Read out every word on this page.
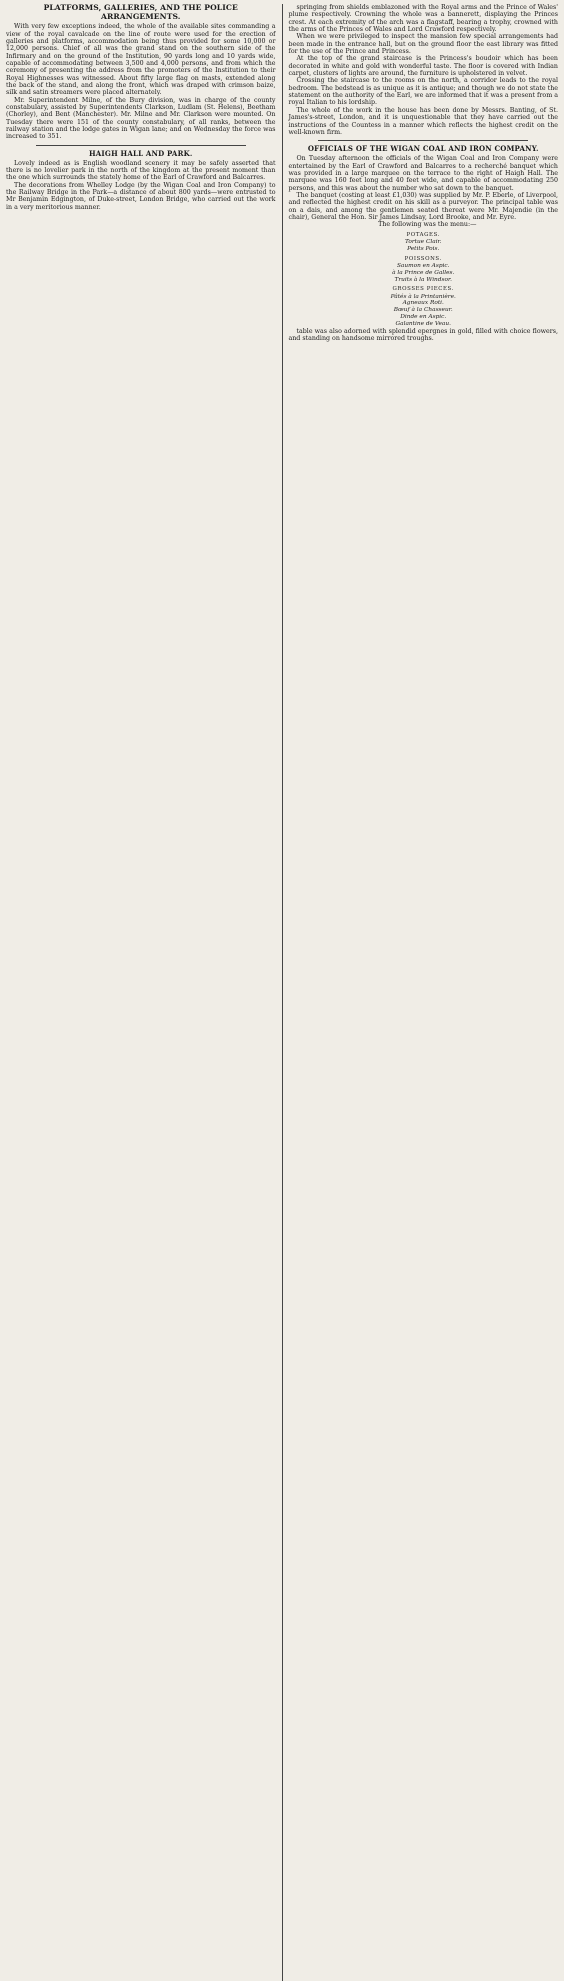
PLATFORMS, GALLERIES, AND THE POLICE ARRANGEMENTS.

With very few exceptions indeed, the whole of the available sites commanding a view of the royal cavalcade on the line of route were used for the erection of galleries and platforms, accommodation being thus provided for some 10,000 or 12,000 persons. Chief of all was the grand stand on the southern side of the Infirmary and on the ground of the Institution, 90 yards long and 10 yards wide, capable of accommodating between 3,500 and 4,000 persons, and from which the ceremony of presenting the address from the promoters of the Institution to their Royal Highnesses was witnessed. About fifty large flag on masts, extended along the back of the stand, and along the front, which was draped with crimson baize, silk and satin streamers were placed alternately.

Mr. Superintendent Milne, of the Bury division, was in charge of the county constabulary, assisted by Superintendents Clarkson, Ludlam (St. Helens), Beetham (Chorley), and Bent (Manchester). Mr. Milne and Mr. Clarkson were mounted. On Tuesday there were 151 of the county constabulary, of all ranks, between the railway station and the lodge gates in Wigan lane; and on Wednesday the force was increased to 351.

HAIGH HALL AND PARK.

Lovely indeed as is English woodland scenery it may be safely asserted that there is no lovelier park in the north of the kingdom at the present moment than the one which surrounds the stately home of the Earl of Crawford and Balcarres.

The decorations from Whelley Lodge (by the Wigan Coal and Iron Company) to the Railway Bridge in the Park—a distance of about 800 yards—were entrusted to Mr Benjamin Edgington, of Duke-street, London Bridge, who carried out the work in a very meritorious manner.

springing from shields emblazoned with the Royal arms and the Prince of Wales' plume respectively. Crowning the whole was a bannerett, displaying the Princes crest. At each extremity of the arch was a flagstaff, bearing a trophy, crowned with the arms of the Princes of Wales and Lord Crawford respectively.

When we were privileged to inspect the mansion few special arrangements had been made in the entrance hall, but on the ground floor the east library was fitted for the use of the Prince and Princess.

At the top of the grand staircase is the Princess's boudoir which has been decorated in white and gold with wonderful taste. The floor is covered with Indian carpet, clusters of lights are around, the furniture is upholstered in velvet.

Crossing the staircase to the rooms on the north, a corridor leads to the royal bedroom. The bedstead is as unique as it is antique; and though we do not state the statement on the authority of the Earl, we are informed that it was a present from a royal Italian to his lordship.

The whole of the work in the house has been done by Messrs. Banting, of St. James's-street, London, and it is unquestionable that they have carried out the instructions of the Countess in a manner which reflects the highest credit on the well-known firm.

OFFICIALS OF THE WIGAN COAL AND IRON COMPANY.

On Tuesday afternoon the officials of the Wigan Coal and Iron Company were entertained by the Earl of Crawford and Balcarres to a recherché banquet which was provided in a large marquee on the terrace to the right of Haigh Hall. The marquee was 160 feet long and 40 feet wide, and capable of accommodating 250 persons, and this was about the number who sat down to the banquet.

The banquet (costing at least £1,030) was supplied by Mr. P. Eberle, of Liverpool, and reflected the highest credit on his skill as a purveyor. The principal table was on a dais, and among the gentlemen seated thereat were Mr. Majendie (in the chair), General the Hon. Sir James Lindsay, Lord Brooke, and Mr. Eyre.

The following was the menu:—

POTAGES.
Tortue Clair.
Petits Pois.
POISSONS.
Saumon en Aspic.
à la Prince de Galles.
Truits à la Windsor.
GROSSES PIECES.
Pâtés à la Printanière.
Agneaux Roti.
Bœuf à la Chasseur.
Dinde en Aspic.
Galantine de Veau.

table was also adorned with splendid epergnes in gold, filled with choice flowers, and standing on handsome mirrored troughs.
